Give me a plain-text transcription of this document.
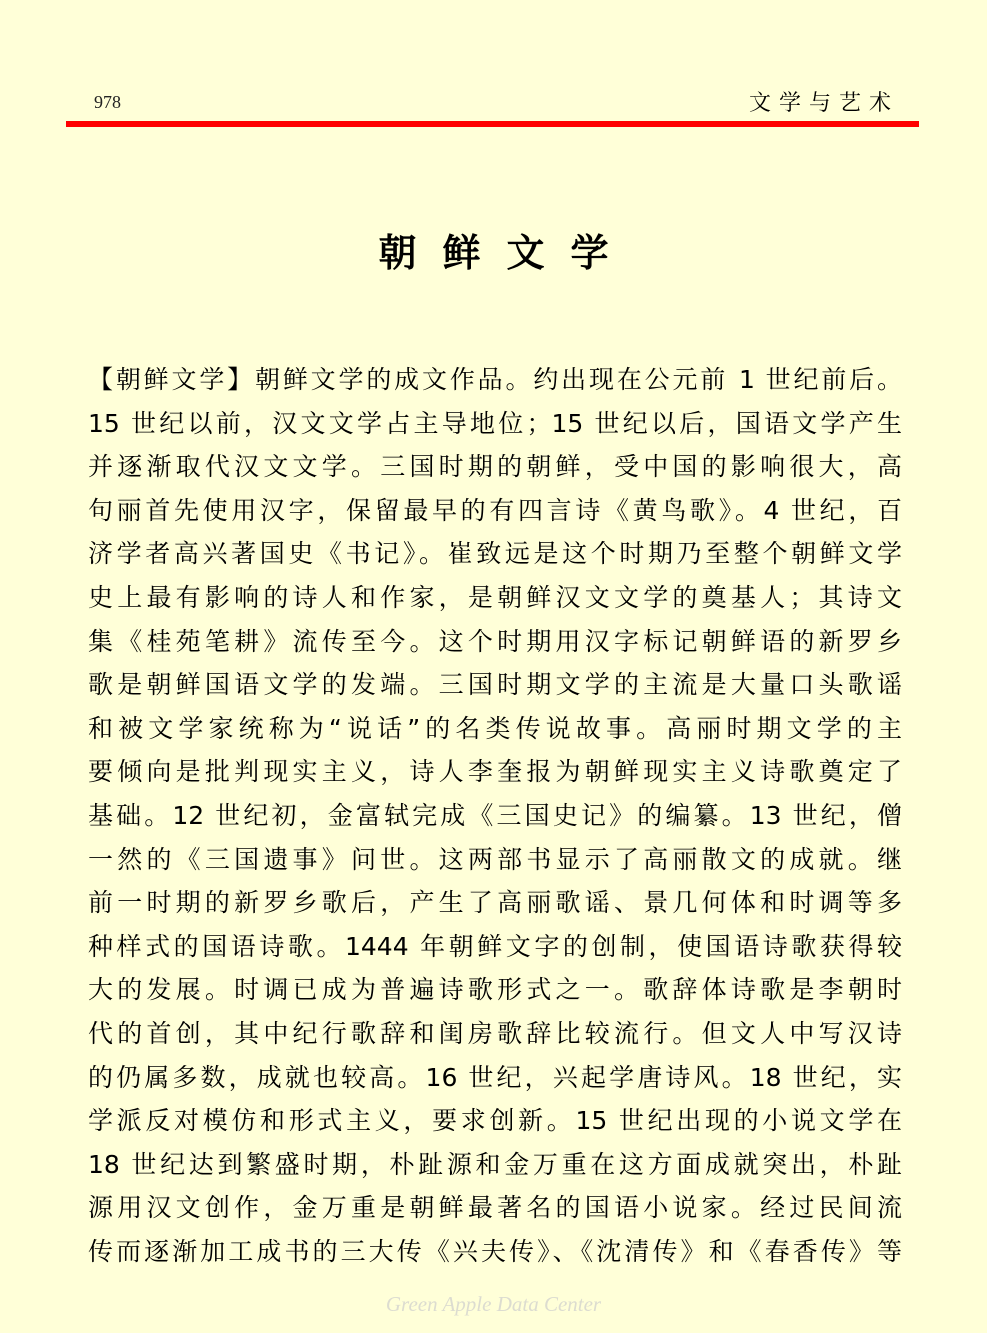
978	文学与艺术
朝鲜文学
【朝鲜文学】朝鲜文学的成文作品。约出现在公元前 1 世纪前后。
15 世纪以前，汉文文学占主导地位；15 世纪以后，国语文学产生
并逐渐取代汉文文学。三国时期的朝鲜，受中国的影响很大，高
句丽首先使用汉字，保留最早的有四言诗《黄鸟歌》。4 世纪，百
济学者高兴著国史《书记》。崔致远是这个时期乃至整个朝鲜文学
史上最有影响的诗人和作家，是朝鲜汉文文学的奠基人；其诗文
集《桂苑笔耕》流传至今。这个时期用汉字标记朝鲜语的新罗乡
歌是朝鲜国语文学的发端。三国时期文学的主流是大量口头歌谣
和被文学家统称为“说话”的名类传说故事。高丽时期文学的主
要倾向是批判现实主义，诗人李奎报为朝鲜现实主义诗歌奠定了
基础。12 世纪初，金富轼完成《三国史记》的编纂。13 世纪，僧
一然的《三国遗事》问世。这两部书显示了高丽散文的成就。继
前一时期的新罗乡歌后，产生了高丽歌谣、景几何体和时调等多
种样式的国语诗歌。1444 年朝鲜文字的创制，使国语诗歌获得较
大的发展。时调已成为普遍诗歌形式之一。歌辞体诗歌是李朝时
代的首创，其中纪行歌辞和闺房歌辞比较流行。但文人中写汉诗
的仍属多数，成就也较高。16 世纪，兴起学唐诗风。18 世纪，实
学派反对模仿和形式主义，要求创新。15 世纪出现的小说文学在
18 世纪达到繁盛时期，朴趾源和金万重在这方面成就突出，朴趾
源用汉文创作，金万重是朝鲜最著名的国语小说家。经过民间流
传而逐渐加工成书的三大传《兴夫传》、《沈清传》和《春香传》等
Green Apple Data Center
